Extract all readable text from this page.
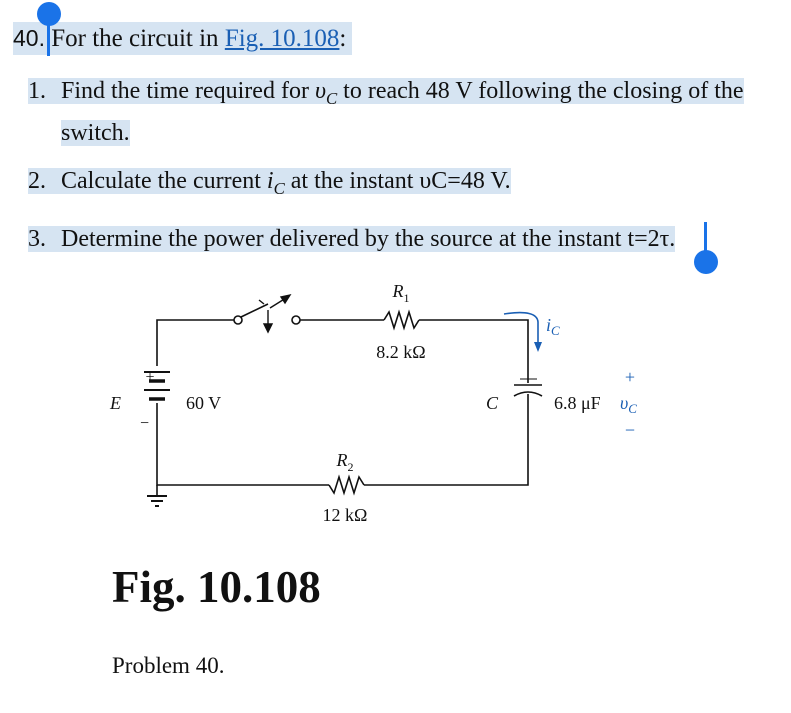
40. For the circuit in Fig. 10.108:
1. Find the time required for $\upsilon_C$ to reach 48 V following the closing of the
switch.
2. Calculate the current $i_C$ at the instant υC=48 V.
3. Determine the power delivered by the source at the instant t=2τ.
+
−
E	60 V
$R_1$
8.2 kΩ
$R_2$
12 kΩ
C	6.8 μF
+
−
$\upsilon_C$
$i_C$
Fig. 10.108
Problem 40.
